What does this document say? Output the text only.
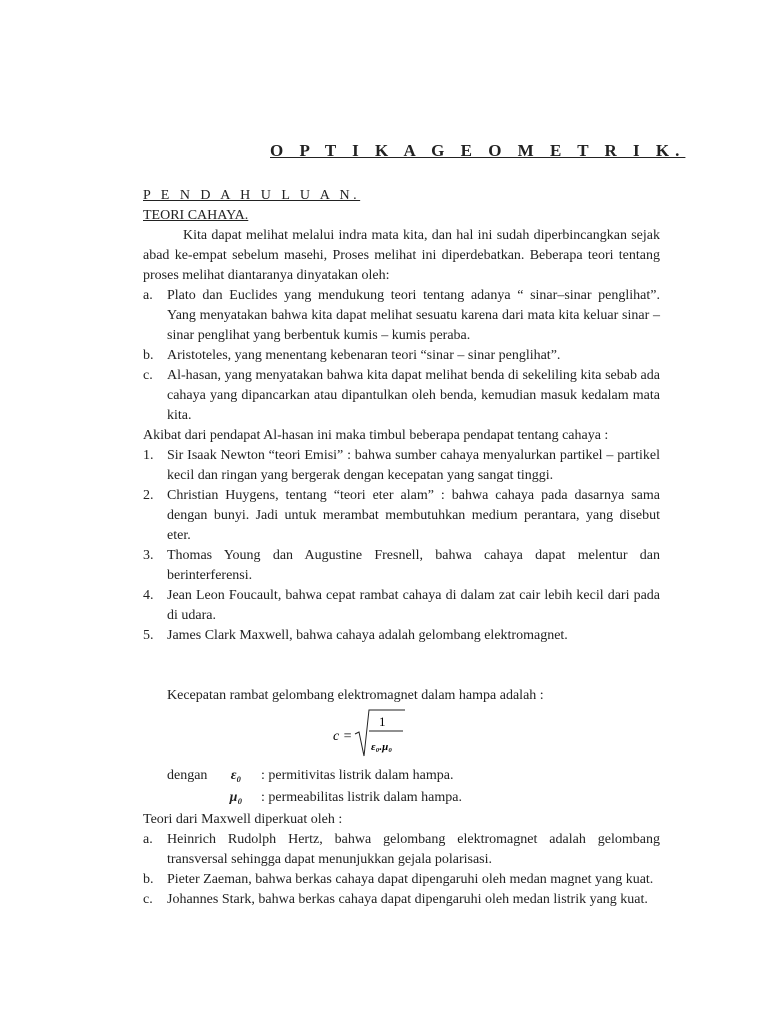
O P T I K A G E O M E T R I K.
P E N D A H U L U A N.
TEORI CAHAYA.

Kita dapat melihat melalui indra mata kita, dan hal ini sudah diperbincangkan sejak abad ke-empat sebelum masehi, Proses melihat ini diperdebatkan. Beberapa teori tentang proses melihat diantaranya dinyatakan oleh:

a. Plato dan Euclides yang mendukung teori tentang adanya “ sinar–sinar penglihat”. Yang menyatakan bahwa kita dapat melihat sesuatu karena dari mata kita keluar sinar – sinar penglihat yang berbentuk kumis – kumis peraba.
b. Aristoteles, yang menentang kebenaran teori “sinar – sinar penglihat”.
c. Al-hasan, yang menyatakan bahwa kita dapat melihat benda di sekeliling kita sebab ada cahaya yang dipancarkan atau dipantulkan oleh benda, kemudian masuk kedalam mata kita.

Akibat dari pendapat Al-hasan ini maka timbul beberapa pendapat tentang cahaya :

1. Sir Isaak Newton “teori Emisi” : bahwa sumber cahaya menyalurkan partikel – partikel kecil dan ringan yang bergerak dengan kecepatan yang sangat tinggi.
2. Christian Huygens, tentang “teori eter alam” : bahwa cahaya pada dasarnya sama dengan bunyi. Jadi untuk merambat membutuhkan medium perantara, yang disebut eter.
3. Thomas Young dan Augustine Fresnell, bahwa cahaya dapat melentur dan berinterferensi.
4. Jean Leon Foucault, bahwa cepat rambat cahaya di dalam zat cair lebih kecil dari pada di udara.
5. James Clark Maxwell, bahwa cahaya adalah gelombang elektromagnet.

Kecepatan rambat gelombang elektromagnet dalam hampa adalah :

c =
1
ε₀.μ₀
dengan ε₀ : permitivitas listrik dalam hampa.
μ₀ : permeabilitas listrik dalam hampa.

Teori dari Maxwell diperkuat oleh :

a. Heinrich Rudolph Hertz, bahwa gelombang elektromagnet adalah gelombang transversal sehingga dapat menunjukkan gejala polarisasi.
b. Pieter Zaeman, bahwa berkas cahaya dapat dipengaruhi oleh medan magnet yang kuat.
c. Johannes Stark, bahwa berkas cahaya dapat dipengaruhi oleh medan listrik yang kuat.
